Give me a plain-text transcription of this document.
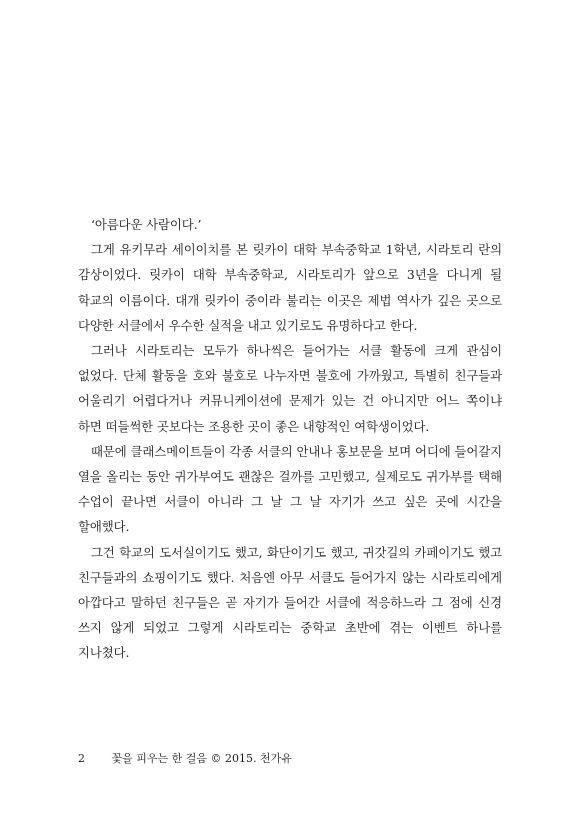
‘아름다운 사람이다.’

그게 유키무라 세이이치를 본 릿카이 대학 부속중학교 1학년, 시라토리 란의 감상이었다. 릿카이 대학 부속중학교, 시라토리가 앞으로 3년을 다니게 될 학교의 이름이다. 대개 릿카이 중이라 불리는 이곳은 제법 역사가 깊은 곳으로 다양한 서클에서 우수한 실적을 내고 있기로도 유명하다고 한다.

그러나 시라토리는 모두가 하나씩은 들어가는 서클 활동에 크게 관심이 없었다. 단체 활동을 호와 불호로 나누자면 불호에 가까웠고, 특별히 친구들과 어울리기 어렵다거나 커뮤니케이션에 문제가 있는 건 아니지만 어느 쪽이냐 하면 떠들썩한 곳보다는 조용한 곳이 좋은 내향적인 여학생이었다.

때문에 클래스메이트들이 각종 서클의 안내나 홍보문을 보며 어디에 들어갈지 열을 올리는 동안 귀가부여도 괜찮은 걸까를 고민했고, 실제로도 귀가부를 택해 수업이 끝나면 서클이 아니라 그 날 그 날 자기가 쓰고 싶은 곳에 시간을 할애했다.

그건 학교의 도서실이기도 했고, 화단이기도 했고, 귀갓길의 카페이기도 했고 친구들과의 쇼핑이기도 했다. 처음엔 아무 서클도 들어가지 않는 시라토리에게 아깝다고 말하던 친구들은 곧 자기가 들어간 서클에 적응하느라 그 점에 신경 쓰지 않게 되었고 그렇게 시라토리는 중학교 초반에 겪는 이벤트 하나를 지나쳤다.

2 꽃을 피우는 한 걸음 © 2015. 천가유
